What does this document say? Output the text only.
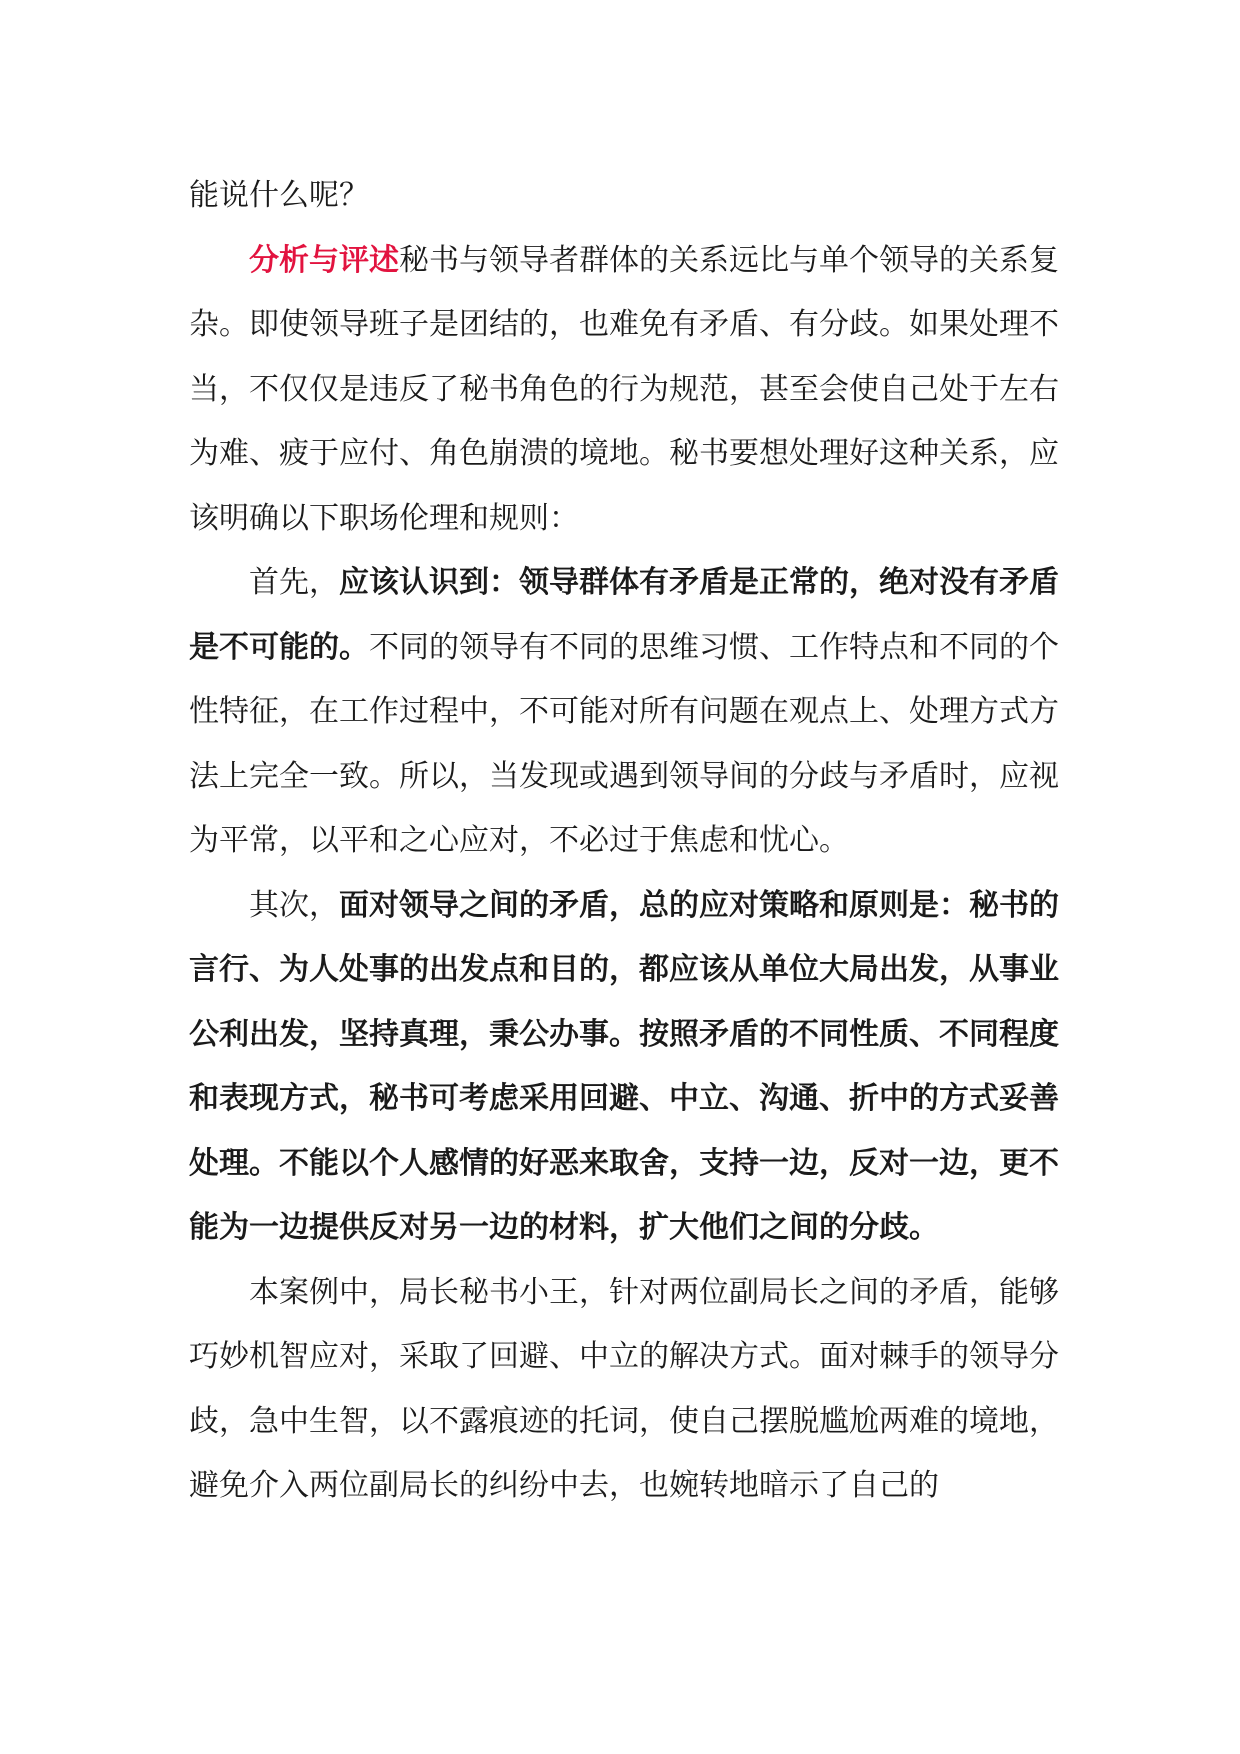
能说什么呢？

分析与评述秘书与领导者群体的关系远比与单个领导的关系复杂。即使领导班子是团结的，也难免有矛盾、有分歧。如果处理不当，不仅仅是违反了秘书角色的行为规范，甚至会使自己处于左右为难、疲于应付、角色崩溃的境地。秘书要想处理好这种关系，应该明确以下职场伦理和规则：

首先，应该认识到：领导群体有矛盾是正常的，绝对没有矛盾是不可能的。不同的领导有不同的思维习惯、工作特点和不同的个性特征，在工作过程中，不可能对所有问题在观点上、处理方式方法上完全一致。所以，当发现或遇到领导间的分歧与矛盾时，应视为平常，以平和之心应对，不必过于焦虑和忧心。

其次，面对领导之间的矛盾，总的应对策略和原则是：秘书的言行、为人处事的出发点和目的，都应该从单位大局出发，从事业公利出发，坚持真理，秉公办事。按照矛盾的不同性质、不同程度和表现方式，秘书可考虑采用回避、中立、沟通、折中的方式妥善处理。不能以个人感情的好恶来取舍，支持一边，反对一边，更不能为一边提供反对另一边的材料，扩大他们之间的分歧。

本案例中，局长秘书小王，针对两位副局长之间的矛盾，能够巧妙机智应对，采取了回避、中立的解决方式。面对棘手的领导分歧，急中生智，以不露痕迹的托词，使自己摆脱尴尬两难的境地，避免介入两位副局长的纠纷中去，也婉转地暗示了自己的
